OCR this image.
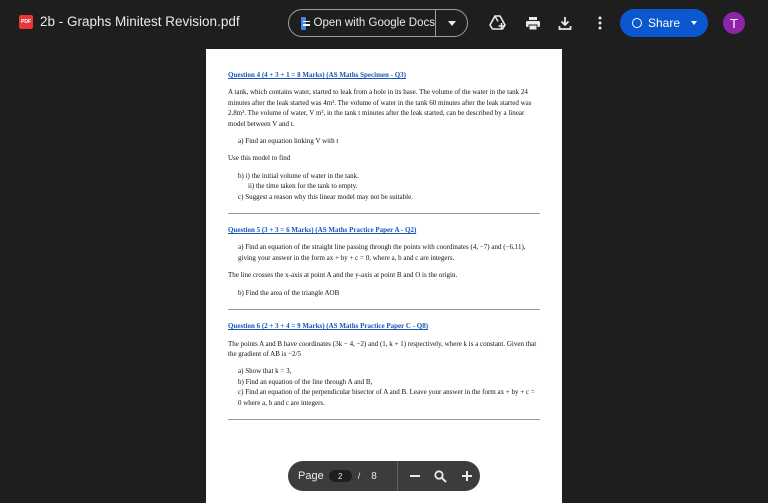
PDF 2b - Graphs Minitest Revision.pdf	Open with Google Docs	Share	T
Question 4 (4 + 3 + 1 = 8 Marks) (AS Maths Specimen - Q3)
A tank, which contains water, started to leak from a hole in its base. The volume of the water in the tank 24 minutes after the leak started was 4m³. The volume of water in the tank 60 minutes after the leak started was 2.8m³. The volume of water, V m³, in the tank t minutes after the leak started, can be described by a linear model between V and t.
a) Find an equation linking V with t
Use this model to find

b) i) the initial volume of water in the tank.

ii) the time taken for the tank to empty.

c) Suggest a reason why this linear model may not be suitable.

Question 5 (3 + 3 = 6 Marks) (AS Maths Practice Paper A - Q2)
a) Find an equation of the straight line passing through the points with coordinates (4, −7) and (−6,11), giving your answer in the form ax + by + c = 0, where a, b and c are integers.
The line crosses the x-axis at point A and the y-axis at point B and O is the origin.
b) Find the area of the triangle AOB
Question 6 (2 + 3 + 4 = 9 Marks) (AS Maths Practice Paper C - Q8)
The points A and B have coordinates (3k − 4, −2) and (1, k + 1) respectively, where k is a constant. Given that the gradient of AB is −2/5

a) Show that k = 3,

b) Find an equation of the line through A and B,

c) Find an equation of the perpendicular bisector of A and B. Leave your answer in the form ax + by + c = 0 where a, b and c are integers.

Page	2	/ 8
